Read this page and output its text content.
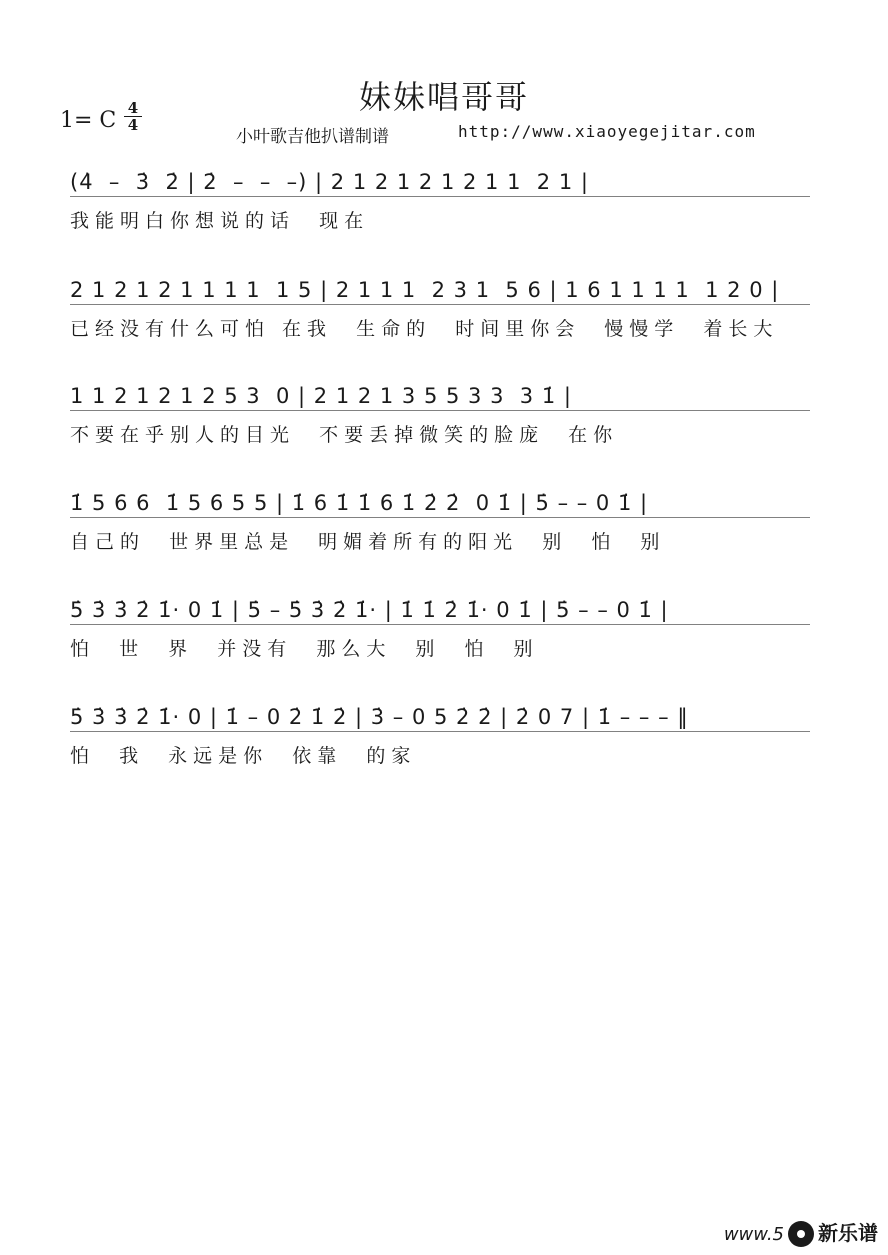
妹妹唱哥哥
1= C 4
4
小叶歌吉他扒谱制谱	http://www.xiaoyegejitar.com
(4̇  –  3̇  2̇ | 2̇  –  –  –) | 2 1 2 1 2 1 2 1 1  2 1 |
我能明白你想说的话  现在
2 1 2 1 2 1 1 1 1  1 5 | 2 1 1 1  2 3 1  5 6 | 1 6 1 1 1 1  1 2 0 |
已经没有什么可怕 在我  生命的  时间里你会  慢慢学  着长大
1 1 2 1 2 1 2 5 3  0 | 2 1 2 1 3 5 5 3 3  3 1̇ |
不要在乎别人的目光  不要丢掉微笑的脸庞  在你
1̇ 5 6 6  1̇ 5 6 5 5 | 1̇ 6 1̇ 1̇ 6 1̇ 2̇ 2̇  0 1̇ | 5̇ – – 0 1̇ |
自己的  世界里总是  明媚着所有的阳光  别  怕  别
5̇ 3̇ 3̇ 2̇ 1̇· 0 1̇ | 5̇ – 5̇ 3̇ 2̇ 1̇· | 1̇ 1̇ 2̇ 1̇· 0 1̇ | 5̇ – – 0 1̇ |
怕  世  界  并没有  那么大  别  怕  别
5̇ 3̇ 3̇ 2̇ 1̇· 0 | 1̇ – 0 2̇ 1̇ 2̇ | 3̇ – 0 5 2̇ 2̇ | 2̇ 0 7 | 1̇ – – – ‖
怕  我  永远是你  依靠  的家
www.5 新乐谱
